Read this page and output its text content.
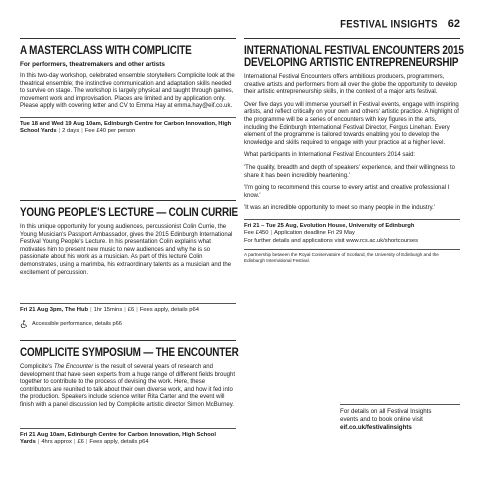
FESTIVAL INSIGHTS 62
A MASTERCLASS WITH COMPLICITE
For performers, theatremakers and other artists

In this two-day workshop, celebrated ensemble storytellers Complicite look at the theatrical ensemble; the instinctive communication and adaptation skills needed to survive on stage. The workshop is largely physical and taught through games, movement work and improvisation. Places are limited and by application only. Please apply with covering letter and CV to Emma Hay at emma.hay@eif.co.uk.

Tue 18 and Wed 19 Aug 10am, Edinburgh Centre for Carbon Innovation, High School Yards | 2 days | Fee £40 per person
YOUNG PEOPLE'S LECTURE — COLIN CURRIE

In this unique opportunity for young audiences, percussionist Colin Currie, the Young Musician's Passport Ambassador, gives the 2015 Edinburgh International Festival Young People's Lecture. In his presentation Colin explains what motivates him to present new music to new audiences and why he is so passionate about his work as a musician. As part of this lecture Colin demonstrates, using a marimba, his extraordinary talents as a musician and the excitement of percussion.

Fri 21 Aug 3pm, The Hub | 1hr 15mins | £6 | Fees apply, details p64
Accessible performance, details p66
COMPLICITE SYMPOSIUM — THE ENCOUNTER

Complicite's The Encounter is the result of several years of research and development that have seen experts from a huge range of different fields brought together to contribute to the process of devising the work. Here, these contributors are reunited to talk about their own diverse work, and how it fed into the production. Speakers include science writer Rita Carter and the event will finish with a panel discussion led by Complicite artistic director Simon McBurney.

Fri 21 Aug 10am, Edinburgh Centre for Carbon Innovation, High School Yards | 4hrs approx | £6 | Fees apply, details p64
INTERNATIONAL FESTIVAL ENCOUNTERS 2015
DEVELOPING ARTISTIC ENTREPRENEURSHIP

International Festival Encounters offers ambitious producers, programmers, creative artists and performers from all over the globe the opportunity to develop their artistic entrepreneurship skills, in the context of a major arts festival.

Over five days you will immerse yourself in Festival events, engage with inspiring artists, and reflect critically on your own and others' artistic practice. A highlight of the programme will be a series of encounters with key figures in the arts, including the Edinburgh International Festival Director, Fergus Linehan. Every element of the programme is tailored towards enabling you to develop the knowledge and skills required to engage with your practice at a higher level.

What participants in International Festival Encounters 2014 said:

'The quality, breadth and depth of speakers' experience, and their willingness to share it has been incredibly heartening.'

'I'm going to recommend this course to every artist and creative professional I know.'

'It was an incredible opportunity to meet so many people in the industry.'

Fri 21 – Tue 25 Aug, Evolution House, University of Edinburgh
Fee £450 | Application deadline Fri 29 May
For further details and applications visit www.rcs.ac.uk/shortcourses
A partnership between the Royal Conservatoire of Scotland, the University of Edinburgh and the Edinburgh International Festival.
For details on all Festival Insights
events and to book online visit
eif.co.uk/festivalinsights
